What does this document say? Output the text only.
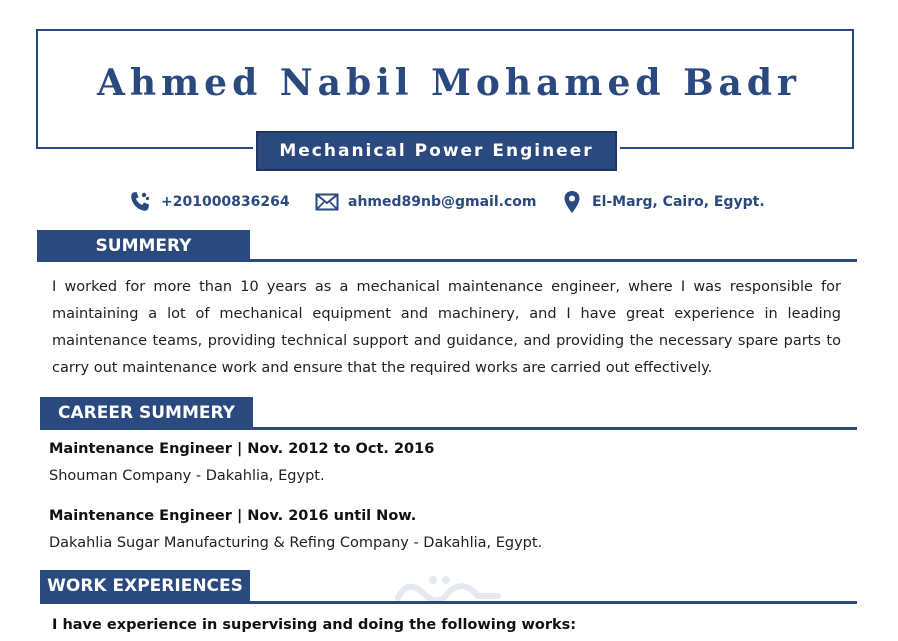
Ahmed Nabil Mohamed Badr
Mechanical Power Engineer
+201000836264	ahmed89nb@gmail.com	El-Marg, Cairo, Egypt.
SUMMERY

I worked for more than 10 years as a mechanical maintenance engineer, where I was responsible for maintaining a lot of mechanical equipment and machinery, and I have great experience in leading maintenance teams, providing technical support and guidance, and providing the necessary spare parts to carry out maintenance work and ensure that the required works are carried out effectively.

CAREER SUMMERY
Maintenance Engineer | Nov. 2012 to Oct. 2016
Shouman Company - Dakahlia, Egypt.
Maintenance Engineer | Nov. 2016 until Now.
Dakahlia Sugar Manufacturing & Refing Company - Dakahlia, Egypt.
WORK EXPERIENCES
I have experience in supervising and doing the following works:
